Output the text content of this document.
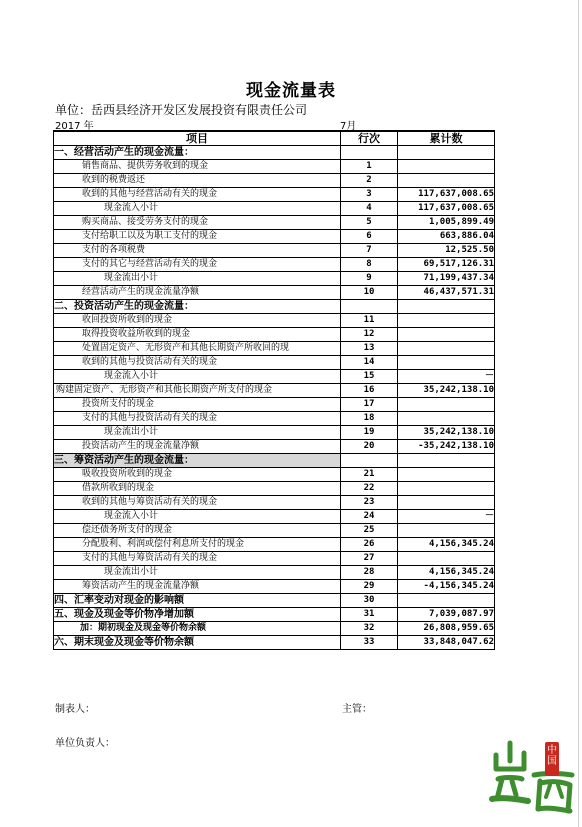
现金流量表
单位：岳西县经济开发区发展投资有限责任公司
2017 年	7月
项目	行次	累计数
一、经营活动产生的现金流量：		
销售商品、提供劳务收到的现金	1	
收到的税费返还	2	
收到的其他与经营活动有关的现金	3	117,637,008.65
现金流入小计	4	117,637,008.65
购买商品、接受劳务支付的现金	5	1,005,899.49
支付给职工以及为职工支付的现金	6	663,886.04
支付的各项税费	7	12,525.50
支付的其它与经营活动有关的现金	8	69,517,126.31
现金流出小计	9	71,199,437.34
经营活动产生的现金流量净额	10	46,437,571.31
二、投资活动产生的现金流量：		
收回投资所收到的现金	11	
取得投资收益所收到的现金	12	
处置固定资产、无形资产和其他长期资产所收回的现	13	
收到的其他与投资活动有关的现金	14	
现金流入小计	15	－
购建固定资产、无形资产和其他长期资产所支付的现金	16	35,242,138.10
投资所支付的现金	17	
支付的其他与投资活动有关的现金	18	
现金流出小计	19	35,242,138.10
投资活动产生的现金流量净额	20	-35,242,138.10
三、筹资活动产生的现金流量：		
吸收投资所收到的现金	21	
借款所收到的现金	22	
收到的其他与筹资活动有关的现金	23	
现金流入小计	24	－
偿还债务所支付的现金	25	
分配股利、利润或偿付利息所支付的现金	26	4,156,345.24
支付的其他与筹资活动有关的现金	27	
现金流出小计	28	4,156,345.24
筹资活动产生的现金流量净额	29	-4,156,345.24
四、汇率变动对现金的影响额	30	
五、现金及现金等价物净增加额	31	7,039,087.97
加：期初现金及现金等价物余额	32	26,808,959.65
六、期末现金及现金等价物余额	33	33,848,047.62
制表人：	主管：
单位负责人：
中国
